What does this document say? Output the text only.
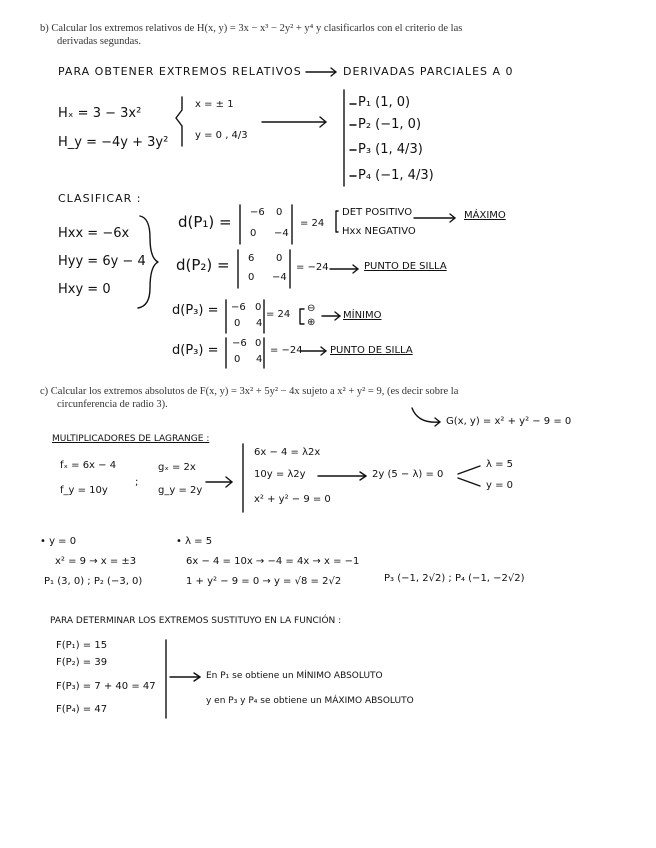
b) Calcular los extremos relativos de H(x, y) = 3x − x³ − 2y² + y⁴ y clasificarlos con el criterio de las
derivadas segundas.
PARA OBTENER EXTREMOS RELATIVOS	DERIVADAS PARCIALES A 0
Hₓ = 3 − 3x²
H_y = −4y + 3y²
x = ± 1
y = 0 , 4/3
P₁ (1, 0)
P₂ (−1, 0)
P₃ (1, 4/3)
P₄ (−1, 4/3)
CLASIFICAR :
Hxx = −6x
Hyy = 6y − 4
Hxy = 0
d(P₁) =
−6 0
0 −4
= 24
DET POSITIVO
Hxx NEGATIVO
MÁXIMO
d(P₂) = 6 0
0 −4
= −24	PUNTO DE SILLA
d(P₃) = −6 0
0 4
= 24
⊖
⊕
MÍNIMO
d(P₃) = −6 0
0 4
= −24	PUNTO DE SILLA
c) Calcular los extremos absolutos de F(x, y) = 3x² + 5y² − 4x sujeto a x² + y² = 9, (es decir sobre la
circunferencia de radio 3).
G(x, y) = x² + y² − 9 = 0
MULTIPLICADORES DE LAGRANGE :
fₓ = 6x − 4
f_y = 10y
;
gₓ = 2x
g_y = 2y
6x − 4 = λ2x
10y = λ2y
x² + y² − 9 = 0
2y (5 − λ) = 0
λ = 5
y = 0
• y = 0
x² = 9 → x = ±3
P₁ (3, 0) ; P₂ (−3, 0)
• λ = 5
6x − 4 = 10x → −4 = 4x → x = −1
1 + y² − 9 = 0 → y = √8 = 2√2	P₃ (−1, 2√2) ; P₄ (−1, −2√2)
PARA DETERMINAR LOS EXTREMOS SUSTITUYO EN LA FUNCIÓN :
F(P₁) = 15
F(P₂) = 39
F(P₃) = 7 + 40 = 47
F(P₄) = 47
En P₁ se obtiene un MÍNIMO ABSOLUTO
y en P₃ y P₄ se obtiene un MÁXIMO ABSOLUTO
